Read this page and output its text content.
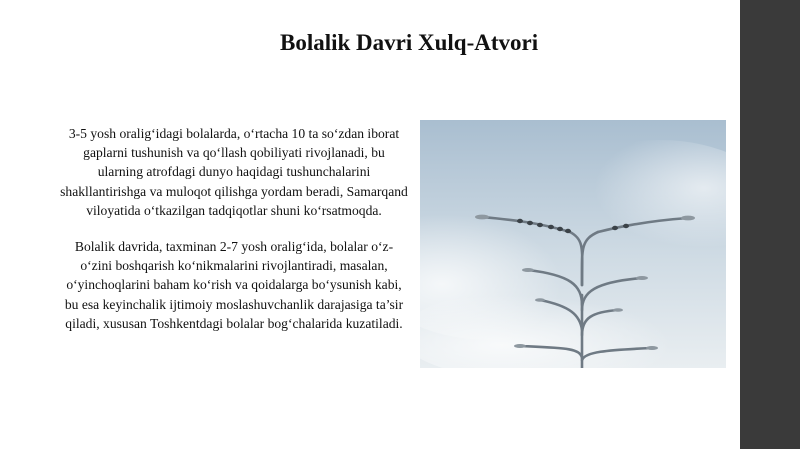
Bolalik Davri Xulq-Atvori

3-5 yosh oralig‘idagi bolalarda, o‘rtacha 10 ta so‘zdan iborat gaplarni tushunish va qo‘llash qobiliyati rivojlanadi, bu ularning atrofdagi dunyo haqidagi tushunchalarini shakllantirishga va muloqot qilishga yordam beradi, Samarqand viloyatida o‘tkazilgan tadqiqotlar shuni ko‘rsatmoqda.

Bolalik davrida, taxminan 2-7 yosh oralig‘ida, bolalar o‘z-o‘zini boshqarish ko‘nikmalarini rivojlantiradi, masalan, o‘yinchoqlarini baham ko‘rish va qoidalarga bo‘ysunish kabi, bu esa keyinchalik ijtimoiy moslashuvchanlik darajasiga ta’sir qiladi, xususan Toshkentdagi bolalar bog‘chalarida kuzatiladi.
